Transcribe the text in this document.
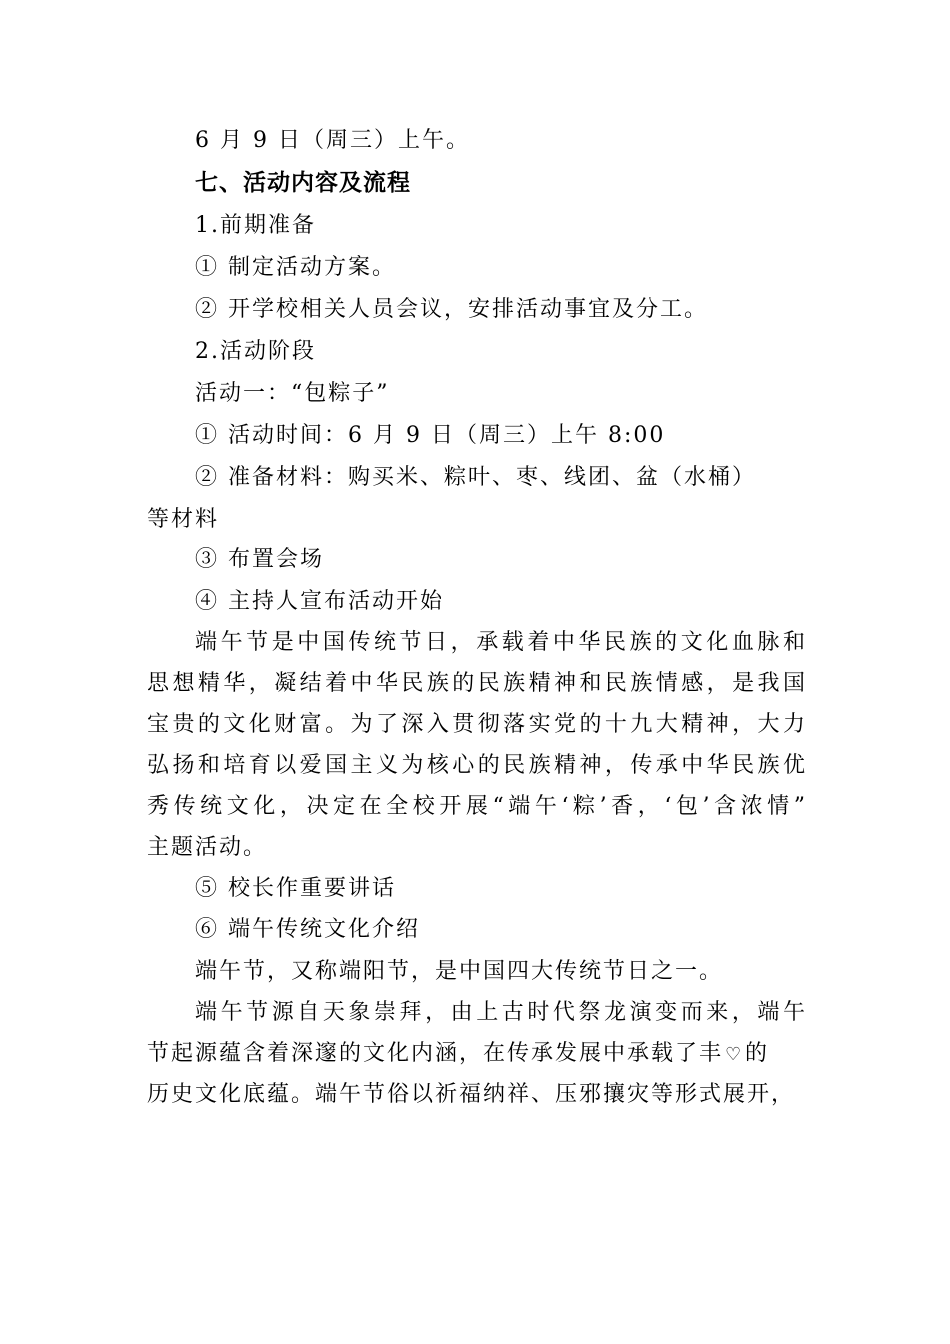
6 月 9 日（周三）上午。
七、活动内容及流程
1.前期准备
① 制定活动方案。
② 开学校相关人员会议，安排活动事宜及分工。
2.活动阶段
活动一：“包粽子”
① 活动时间：6 月 9 日（周三）上午 8:00
② 准备材料：购买米、粽叶、枣、线团、盆（水桶）
等材料
③ 布置会场
④ 主持人宣布活动开始
端午节是中国传统节日，承载着中华民族的文化血脉和
思想精华，凝结着中华民族的民族精神和民族情感，是我国
宝贵的文化财富。为了深入贯彻落实党的十九大精神，大力
弘扬和培育以爱国主义为核心的民族精神，传承中华民族优
秀传统文化，决定在全校开展“端午‘粽’香，‘包’含浓情”
主题活动。
⑤ 校长作重要讲话
⑥ 端午传统文化介绍
端午节，又称端阳节，是中国四大传统节日之一。
端午节源自天象崇拜，由上古时代祭龙演变而来，端午
节起源蕴含着深邃的文化内涵，在传承发展中承载了丰 ♡的
历史文化底蕴。端午节俗以祈福纳祥、压邪攘灾等形式展开，
